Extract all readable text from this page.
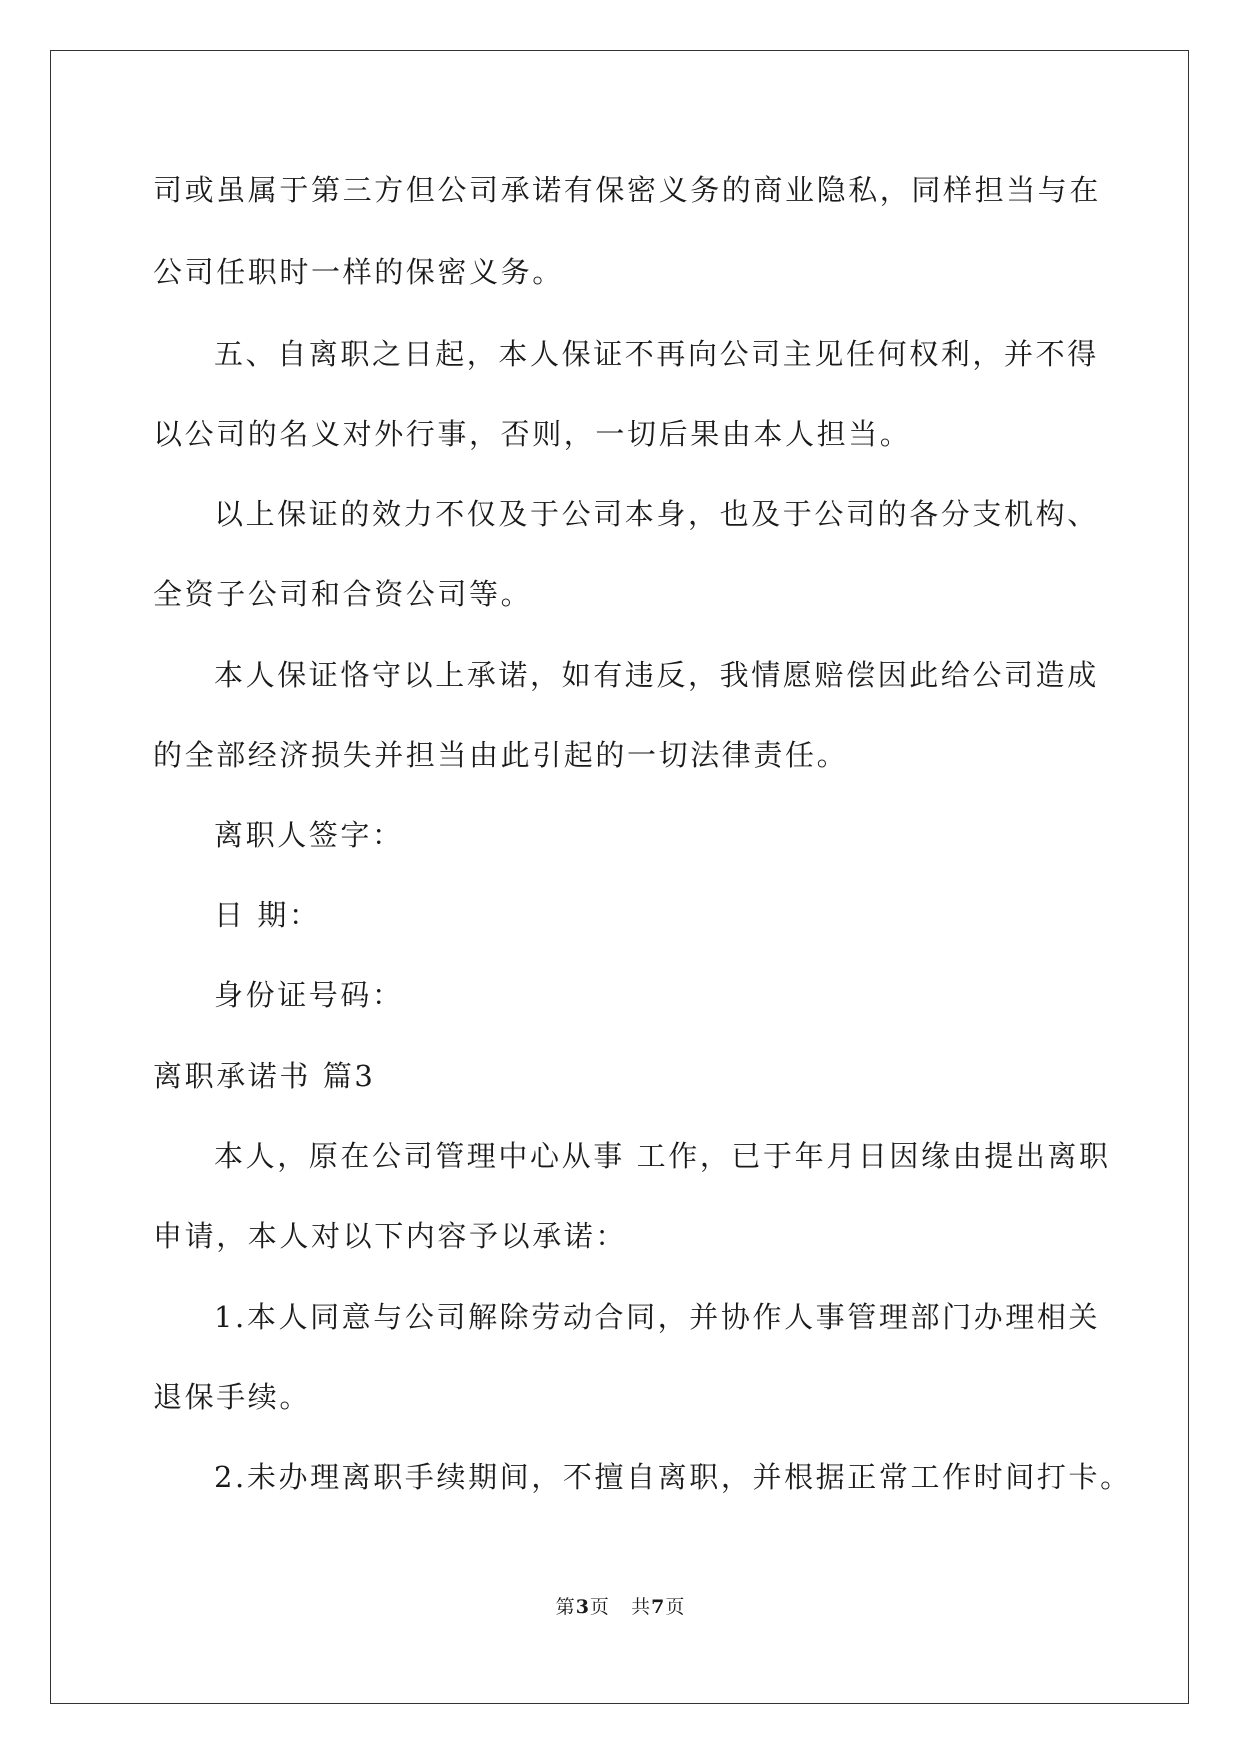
司或虽属于第三方但公司承诺有保密义务的商业隐私，同样担当与在
公司任职时一样的保密义务。
五、自离职之日起，本人保证不再向公司主见任何权利，并不得
以公司的名义对外行事，否则，一切后果由本人担当。
以上保证的效力不仅及于公司本身，也及于公司的各分支机构、
全资子公司和合资公司等。
本人保证恪守以上承诺，如有违反，我情愿赔偿因此给公司造成
的全部经济损失并担当由此引起的一切法律责任。
离职人签字：
日 期：
身份证号码：
离职承诺书 篇3
本人，原在公司管理中心从事 工作，已于年月日因缘由提出离职
申请，本人对以下内容予以承诺：
1.本人同意与公司解除劳动合同，并协作人事管理部门办理相关
退保手续。
2.未办理离职手续期间，不擅自离职，并根据正常工作时间打卡。
第3页 共7页
